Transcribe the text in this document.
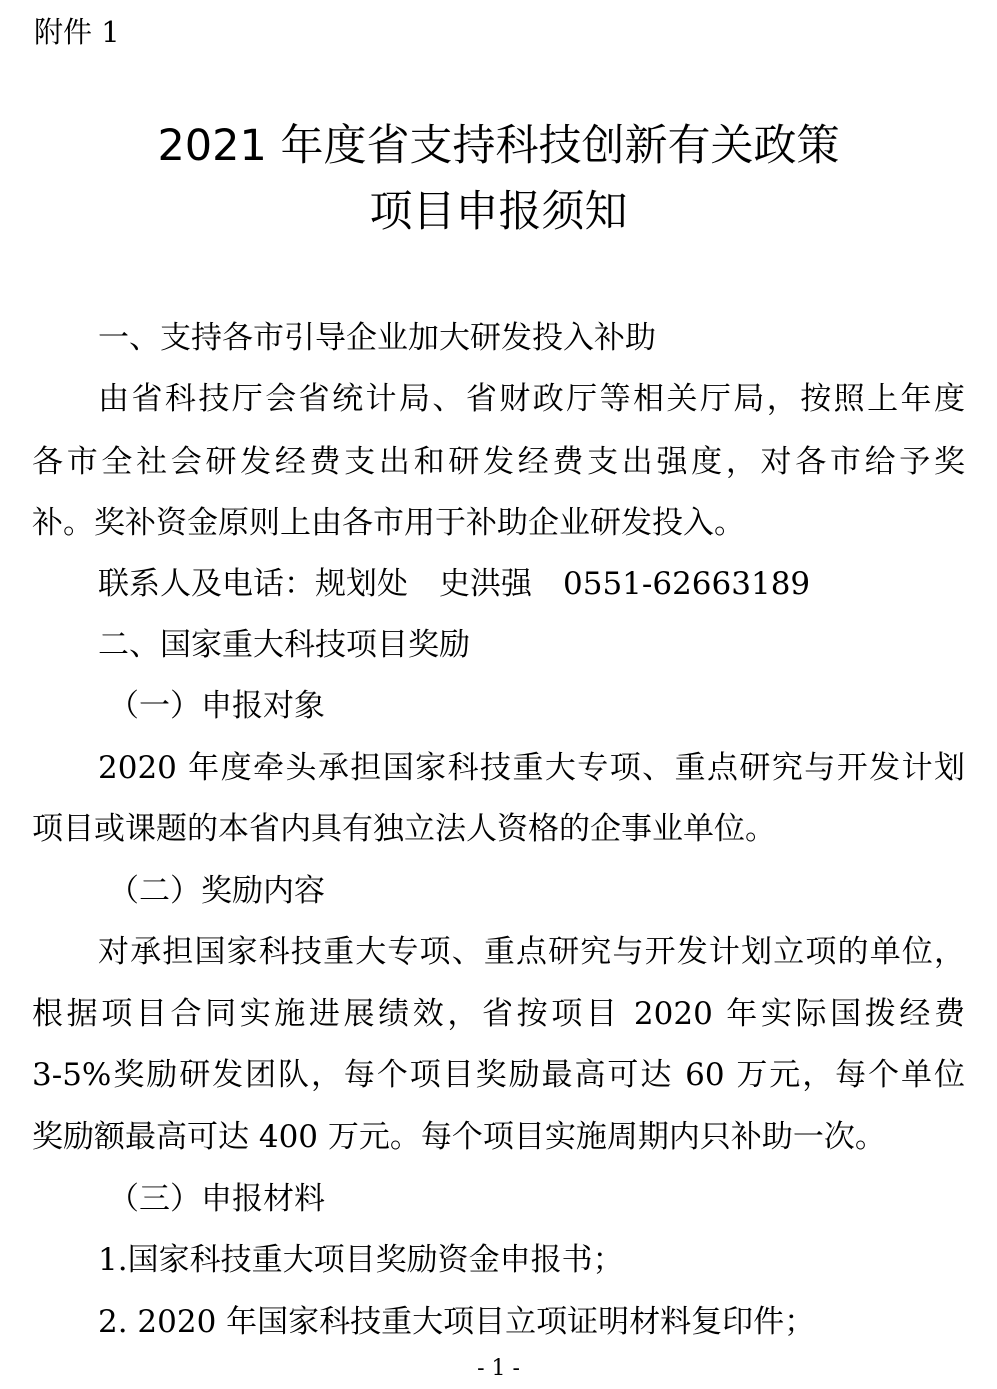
附件 1
2021 年度省支持科技创新有关政策
项目申报须知
一、支持各市引导企业加大研发投入补助
由省科技厅会省统计局、省财政厅等相关厅局，按照上年度
各市全社会研发经费支出和研发经费支出强度，对各市给予奖
补。奖补资金原则上由各市用于补助企业研发投入。
联系人及电话：规划处　史洪强　0551-62663189
二、国家重大科技项目奖励
（一）申报对象
2020 年度牵头承担国家科技重大专项、重点研究与开发计划
项目或课题的本省内具有独立法人资格的企事业单位。
（二）奖励内容
对承担国家科技重大专项、重点研究与开发计划立项的单位，
根据项目合同实施进展绩效，省按项目 2020 年实际国拨经费
3-5%奖励研发团队，每个项目奖励最高可达 60 万元，每个单位
奖励额最高可达 400 万元。每个项目实施周期内只补助一次。
（三）申报材料
1.国家科技重大项目奖励资金申报书；
2. 2020 年国家科技重大项目立项证明材料复印件；
- 1 -
